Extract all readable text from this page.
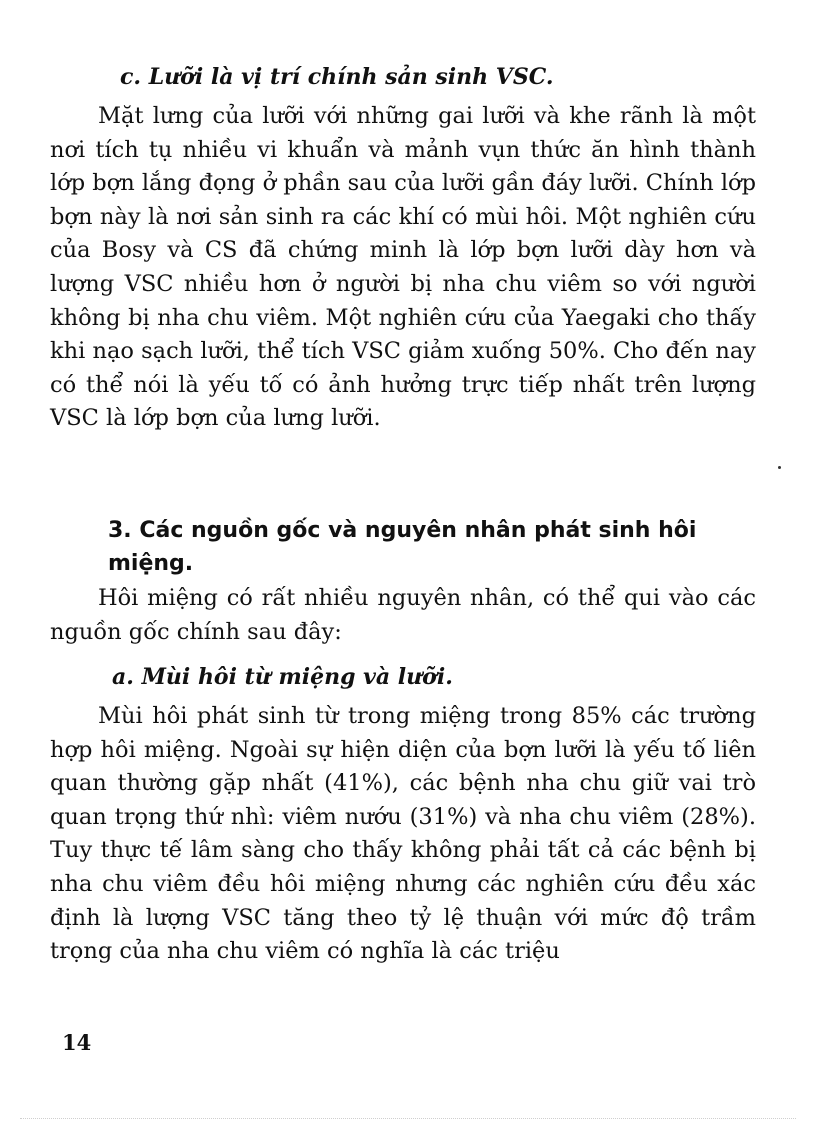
c. Lưỡi là vị trí chính sản sinh VSC.

Mặt lưng của lưỡi với những gai lưỡi và khe rãnh là một nơi tích tụ nhiều vi khuẩn và mảnh vụn thức ăn hình thành lớp bợn lắng đọng ở phần sau của lưỡi gần đáy lưỡi. Chính lớp bợn này là nơi sản sinh ra các khí có mùi hôi. Một nghiên cứu của Bosy và CS đã chứng minh là lớp bợn lưỡi dày hơn và lượng VSC nhiều hơn ở người bị nha chu viêm so với người không bị nha chu viêm. Một nghiên cứu của Yaegaki cho thấy khi nạo sạch lưỡi, thể tích VSC giảm xuống 50%. Cho đến nay có thể nói là yếu tố có ảnh hưởng trực tiếp nhất trên lượng VSC là lớp bợn của lưng lưỡi.

3. Các nguồn gốc và nguyên nhân phát sinh hôi miệng.

Hôi miệng có rất nhiều nguyên nhân, có thể qui vào các nguồn gốc chính sau đây:

a. Mùi hôi từ miệng và lưỡi.

Mùi hôi phát sinh từ trong miệng trong 85% các trường hợp hôi miệng. Ngoài sự hiện diện của bợn lưỡi là yếu tố liên quan thường gặp nhất (41%), các bệnh nha chu giữ vai trò quan trọng thứ nhì: viêm nướu (31%) và nha chu viêm (28%). Tuy thực tế lâm sàng cho thấy không phải tất cả các bệnh bị nha chu viêm đều hôi miệng nhưng các nghiên cứu đều xác định là lượng VSC tăng theo tỷ lệ thuận với mức độ trầm trọng của nha chu viêm có nghĩa là các triệu

14
